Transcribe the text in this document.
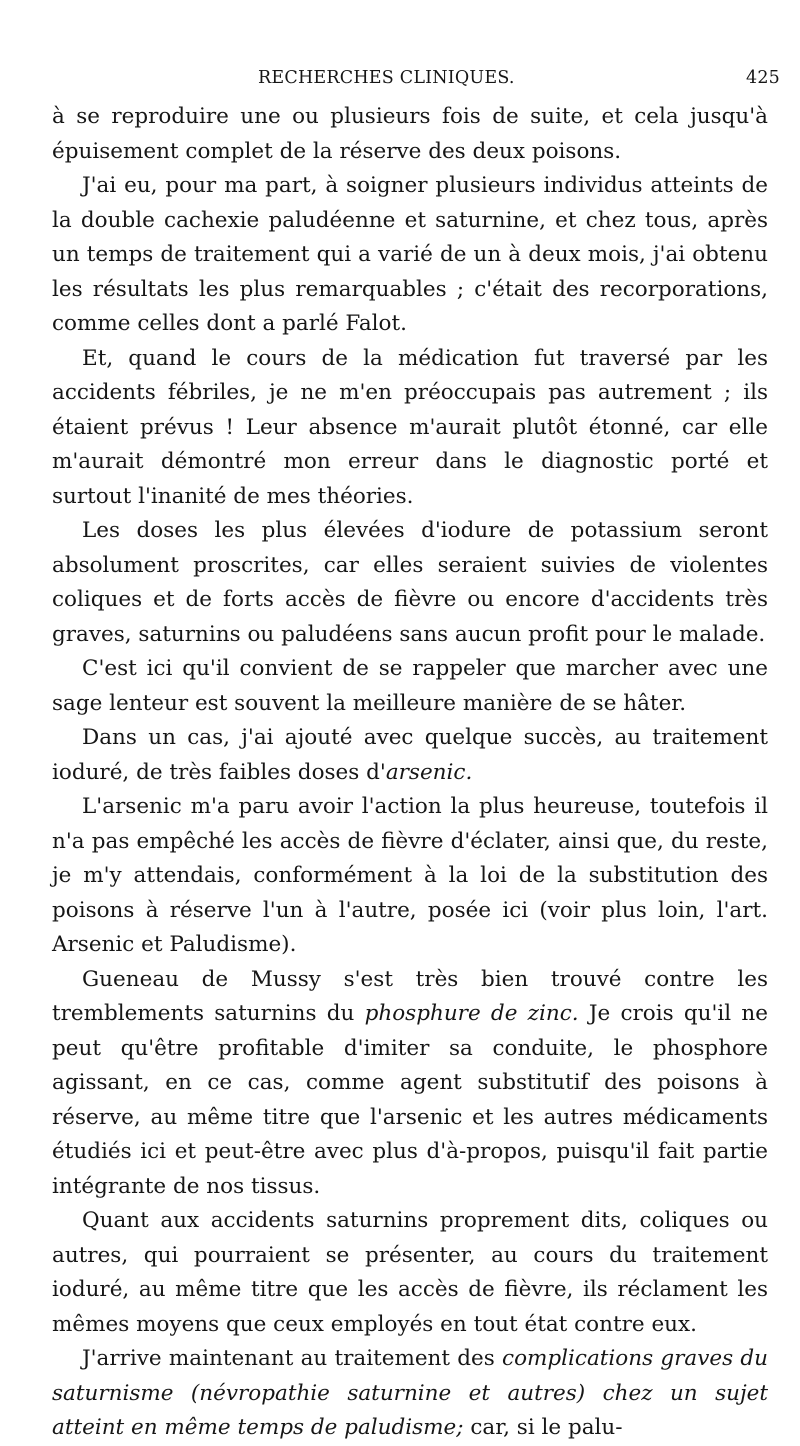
RECHERCHES CLINIQUES.	425

à se reproduire une ou plusieurs fois de suite, et cela jusqu'à épuisement complet de la réserve des deux poisons.

J'ai eu, pour ma part, à soigner plusieurs individus atteints de la double cachexie paludéenne et saturnine, et chez tous, après un temps de traitement qui a varié de un à deux mois, j'ai obtenu les résultats les plus remarquables ; c'était des recorporations, comme celles dont a parlé Falot.

Et, quand le cours de la médication fut traversé par les accidents fébriles, je ne m'en préoccupais pas autrement ; ils étaient prévus ! Leur absence m'aurait plutôt étonné, car elle m'aurait démontré mon erreur dans le diagnostic porté et surtout l'inanité de mes théories.

Les doses les plus élevées d'iodure de potassium seront absolument proscrites, car elles seraient suivies de violentes coliques et de forts accès de fièvre ou encore d'accidents très graves, saturnins ou paludéens sans aucun profit pour le malade.

C'est ici qu'il convient de se rappeler que marcher avec une sage lenteur est souvent la meilleure manière de se hâter.

Dans un cas, j'ai ajouté avec quelque succès, au traitement ioduré, de très faibles doses d'arsenic.

L'arsenic m'a paru avoir l'action la plus heureuse, toutefois il n'a pas empêché les accès de fièvre d'éclater, ainsi que, du reste, je m'y attendais, conformément à la loi de la substitution des poisons à réserve l'un à l'autre, posée ici (voir plus loin, l'art. Arsenic et Paludisme).

Gueneau de Mussy s'est très bien trouvé contre les tremblements saturnins du phosphure de zinc. Je crois qu'il ne peut qu'être profitable d'imiter sa conduite, le phosphore agissant, en ce cas, comme agent substitutif des poisons à réserve, au même titre que l'arsenic et les autres médicaments étudiés ici et peut-être avec plus d'à-propos, puisqu'il fait partie intégrante de nos tissus.

Quant aux accidents saturnins proprement dits, coliques ou autres, qui pourraient se présenter, au cours du traitement ioduré, au même titre que les accès de fièvre, ils réclament les mêmes moyens que ceux employés en tout état contre eux.

J'arrive maintenant au traitement des complications graves du saturnisme (névropathie saturnine et autres) chez un sujet atteint en même temps de paludisme; car, si le palu-
